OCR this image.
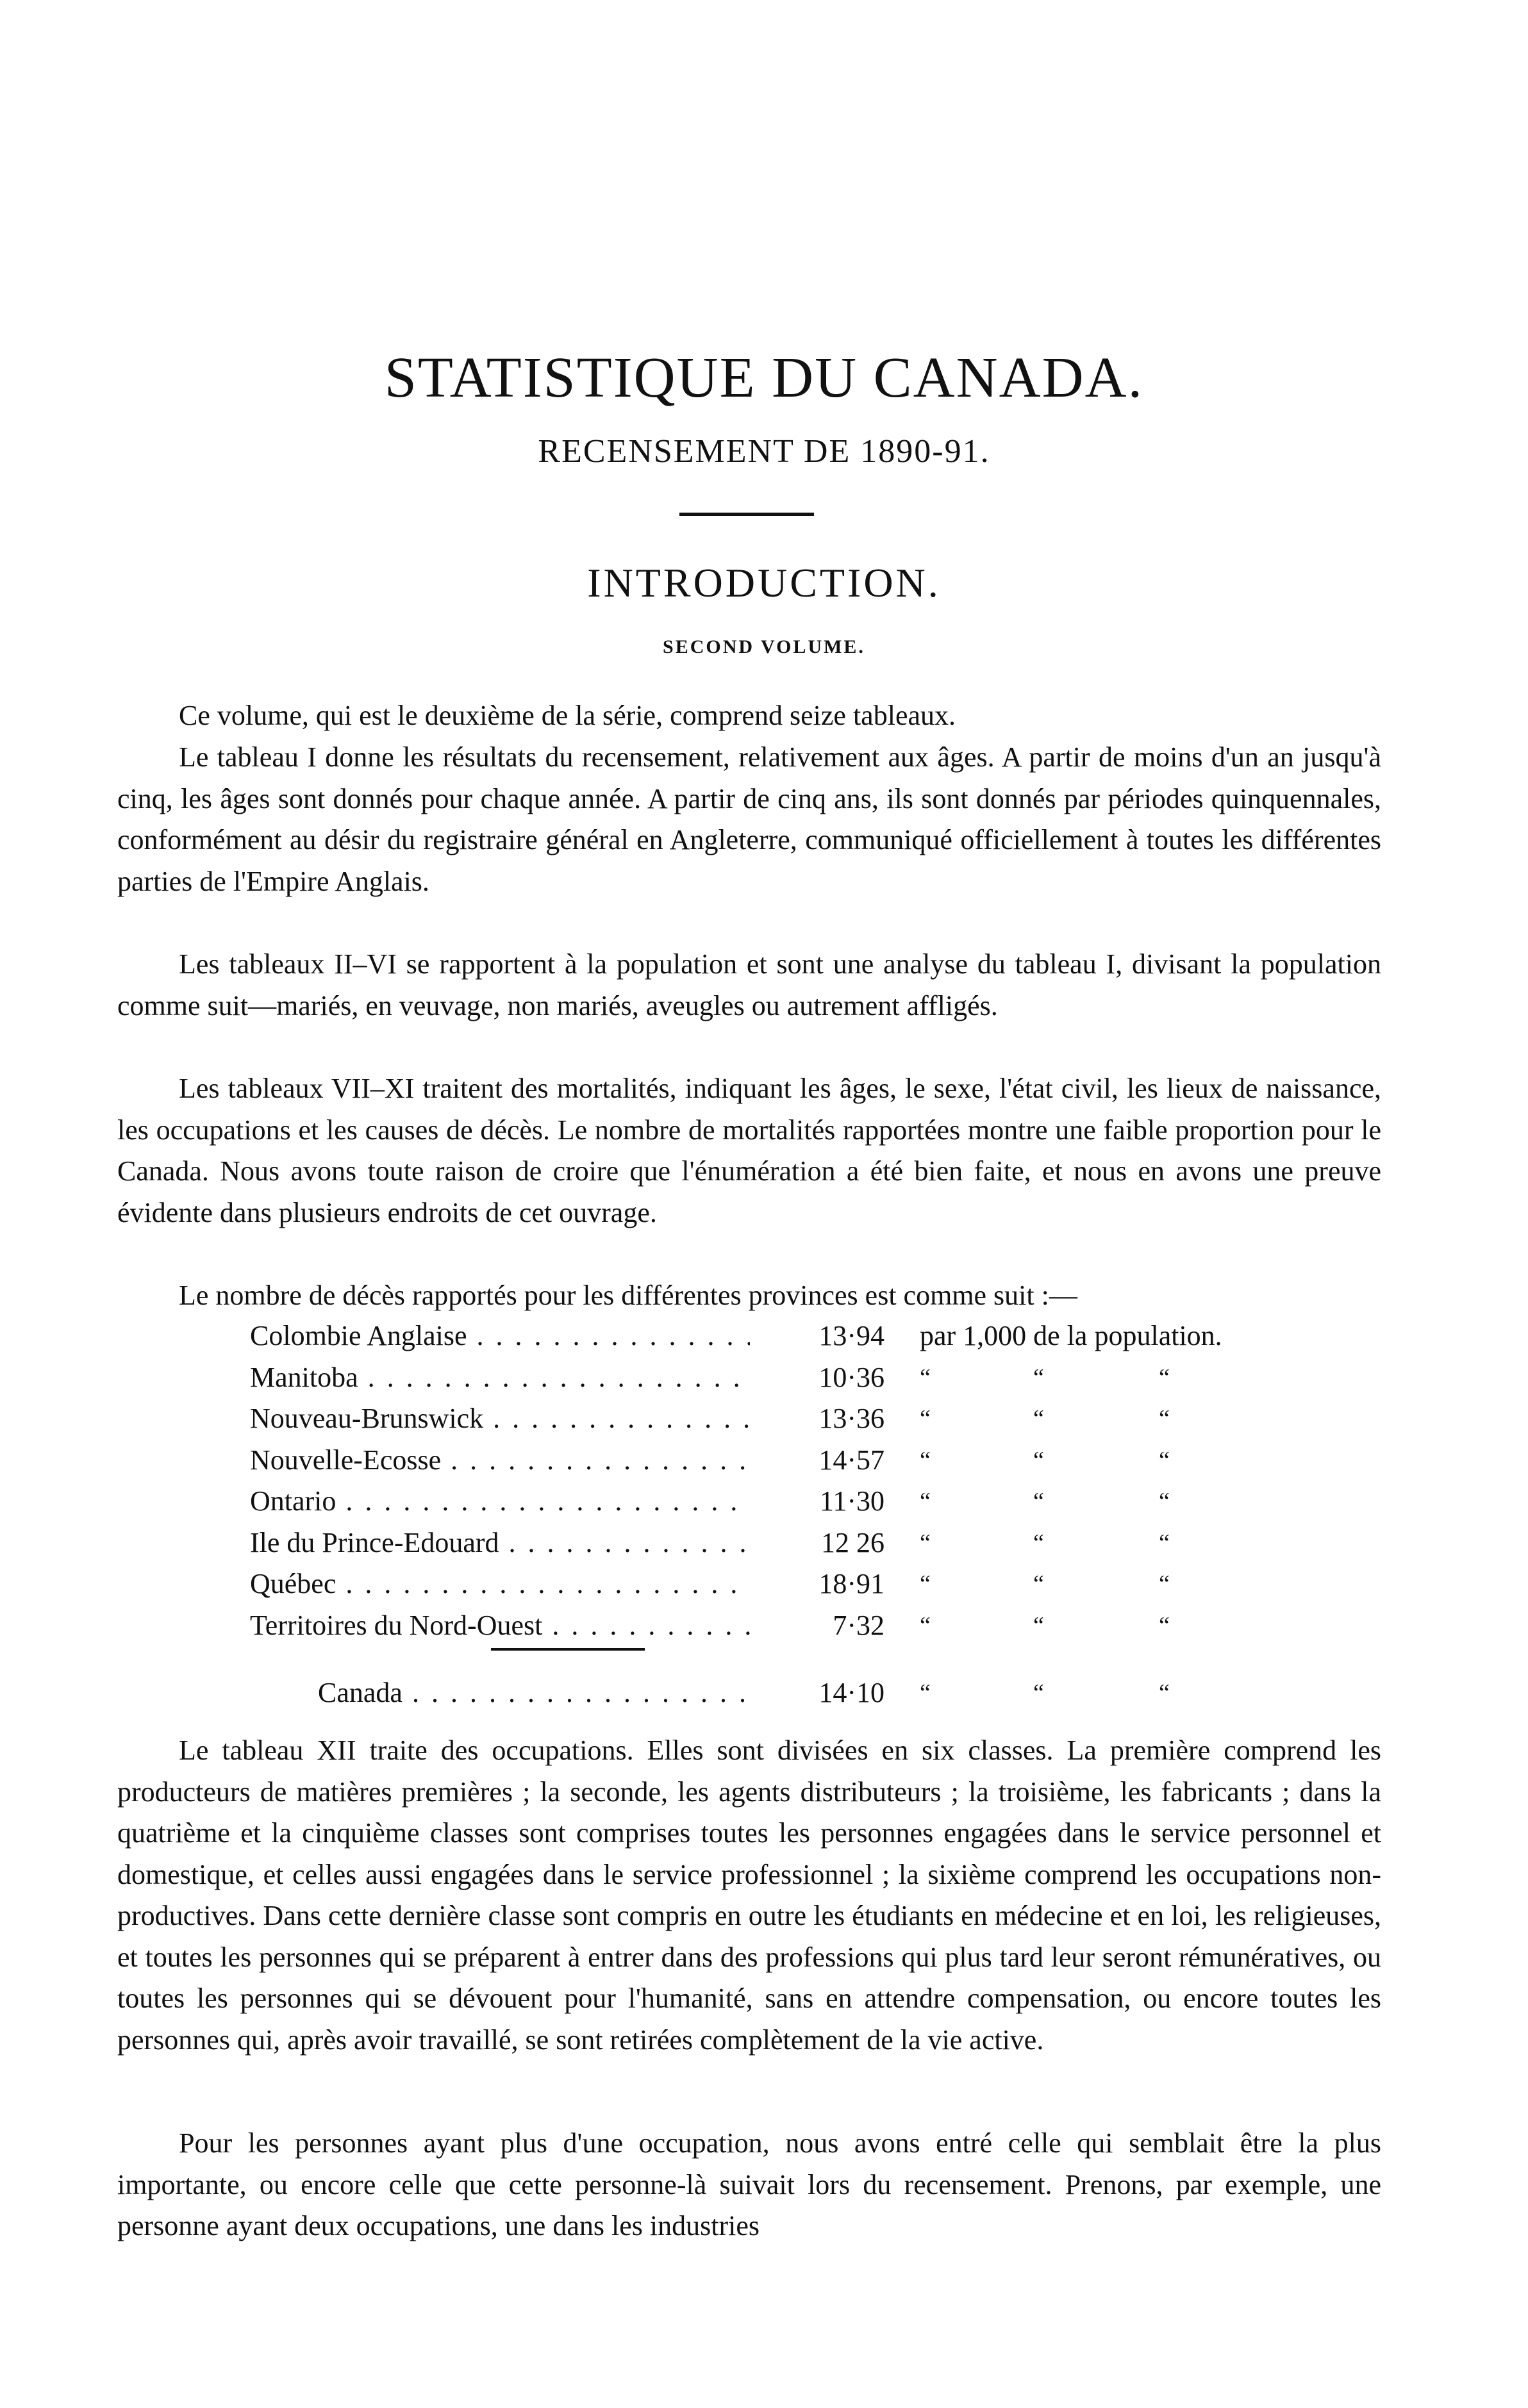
STATISTIQUE DU CANADA.
RECENSEMENT DE 1890-91.
INTRODUCTION.
SECOND VOLUME.

Ce volume, qui est le deuxième de la série, comprend seize tableaux.

Le tableau I donne les résultats du recensement, relativement aux âges. A partir de moins d'un an jusqu'à cinq, les âges sont donnés pour chaque année. A partir de cinq ans, ils sont donnés par périodes quinquennales, conformément au désir du registraire général en Angleterre, communiqué officiellement à toutes les différentes parties de l'Empire Anglais.

Les tableaux II–VI se rapportent à la population et sont une analyse du tableau I, divisant la population comme suit—mariés, en veuvage, non mariés, aveugles ou autrement affligés.

Les tableaux VII–XI traitent des mortalités, indiquant les âges, le sexe, l'état civil, les lieux de naissance, les occupations et les causes de décès. Le nombre de mortalités rapportées montre une faible proportion pour le Canada. Nous avons toute raison de croire que l'énumération a été bien faite, et nous en avons une preuve évidente dans plusieurs endroits de cet ouvrage.

Le nombre de décès rapportés pour les différentes provinces est comme suit :—

Colombie Anglaise . . .	13·94 par 1,000 de la population.
Manitoba . . .	10·36 “	“	“
Nouveau-Brunswick . . .	13·36 “	“	“
Nouvelle-Ecosse . . .	14·57 “	“	“
Ontario . . .	11·30 “	“	“
Ile du Prince-Edouard . . .	12 26 “	“	“
Québec . . .	18·91 “	“	“
Territoires du Nord-Ouest . . .	7·32 “	“	“
Canada . . .	14·10 “	“	“

Le tableau XII traite des occupations. Elles sont divisées en six classes. La première comprend les producteurs de matières premières ; la seconde, les agents distributeurs ; la troisième, les fabricants ; dans la quatrième et la cinquième classes sont comprises toutes les personnes engagées dans le service personnel et domestique, et celles aussi engagées dans le service professionnel ; la sixième comprend les occupations non-productives. Dans cette dernière classe sont compris en outre les étudiants en médecine et en loi, les religieuses, et toutes les personnes qui se préparent à entrer dans des professions qui plus tard leur seront rémunératives, ou toutes les personnes qui se dévouent pour l'humanité, sans en attendre compensation, ou encore toutes les personnes qui, après avoir travaillé, se sont retirées complètement de la vie active.

Pour les personnes ayant plus d'une occupation, nous avons entré celle qui semblait être la plus importante, ou encore celle que cette personne-là suivait lors du recensement. Prenons, par exemple, une personne ayant deux occupations, une dans les industries
